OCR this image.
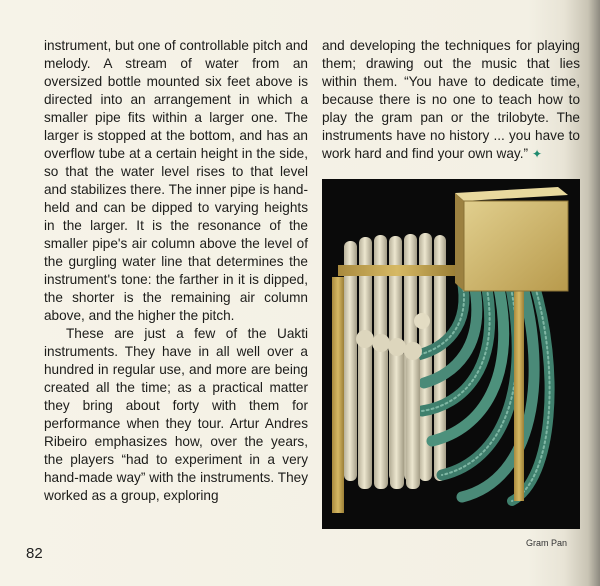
instrument, but one of controllable pitch and melody. A stream of water from an oversized bottle mounted six feet above is directed into an arrangement in which a smaller pipe fits within a larger one. The larger is stopped at the bottom, and has an overflow tube at a certain height in the side, so that the water level rises to that level and stabilizes there. The inner pipe is hand-held and can be dipped to varying heights in the larger. It is the resonance of the smaller pipe's air column above the level of the gurgling water line that determines the instrument's tone: the farther in it is dipped, the shorter is the remaining air column above, and the higher the pitch.

These are just a few of the Uakti instruments. They have in all well over a hundred in regular use, and more are being created all the time; as a practical matter they bring about forty with them for performance when they tour. Artur Andres Ribeiro emphasizes how, over the years, the players “had to experiment in a very hand-made way” with the instruments. They worked as a group, exploring

and developing the techniques for playing them; drawing out the music that lies within them. “You have to dedicate time, because there is no one to teach how to play the gram pan or the trilobyte. The instruments have no history ... you have to work hard and find your own way.” ✦

Gram Pan
82
